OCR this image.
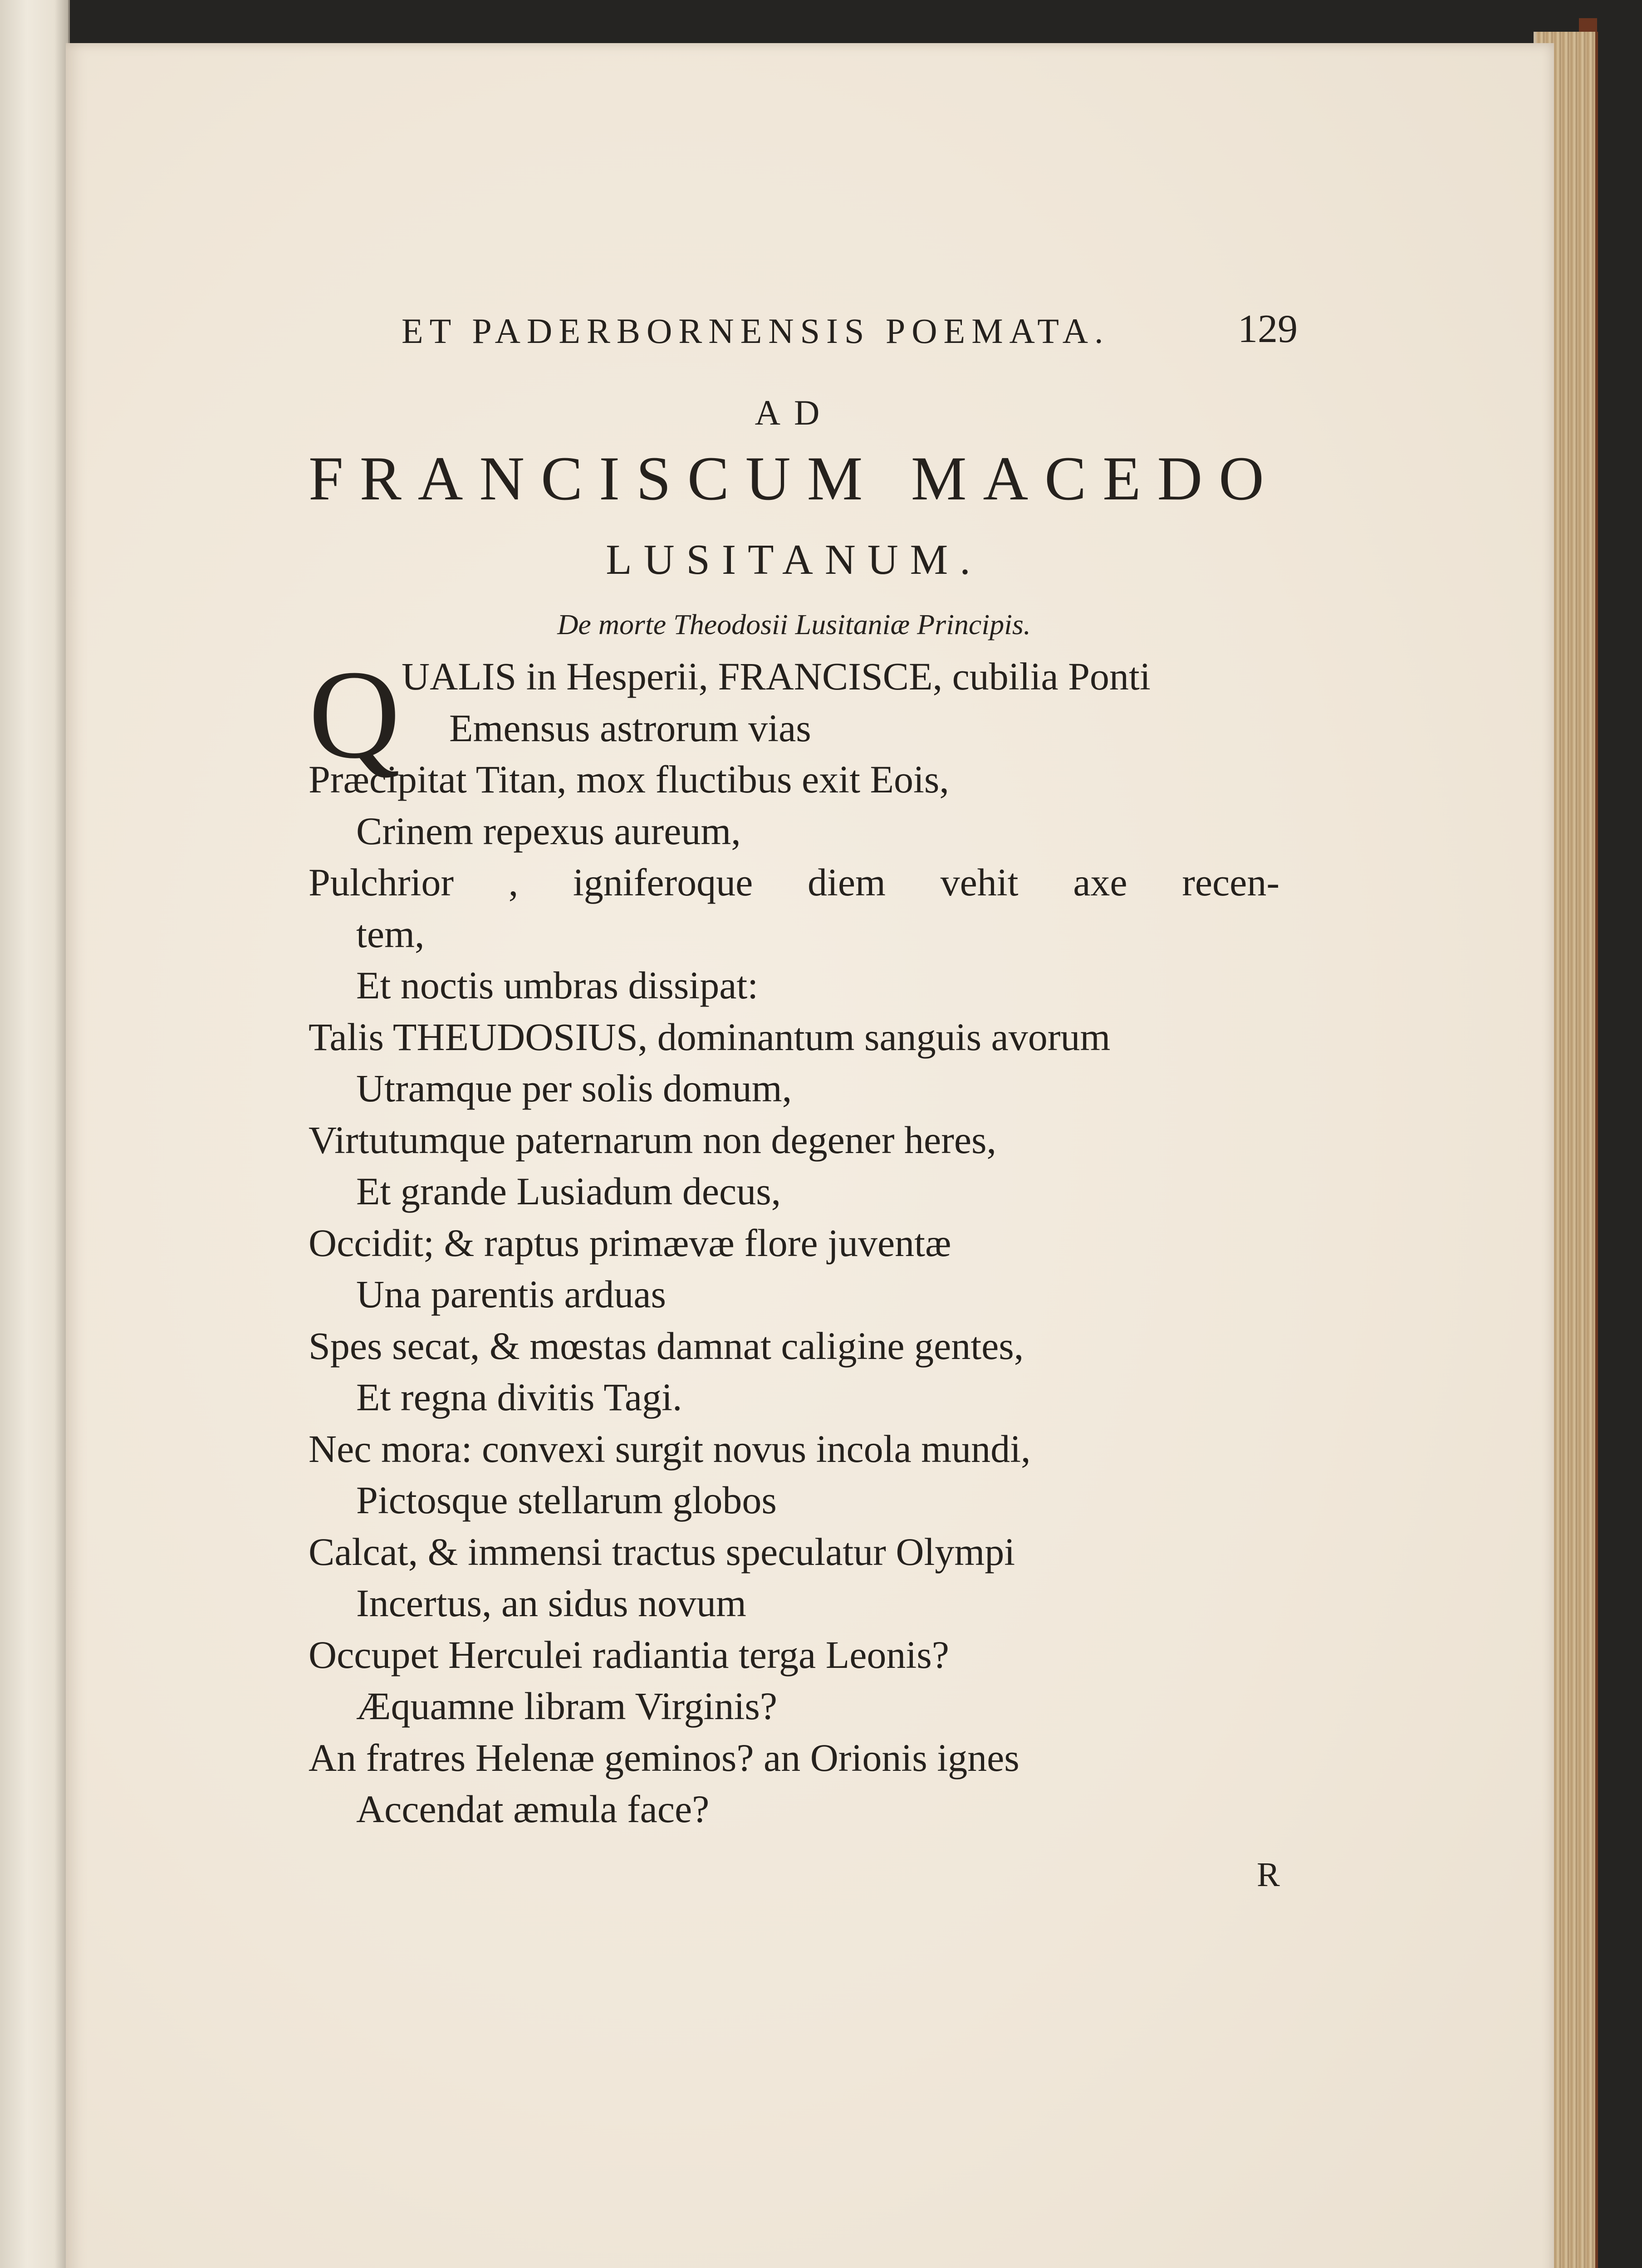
ET PADERBORNENSIS POEMATA.	129
AD
FRANCISCUM MACEDO
LUSITANUM.
De morte Theodosii Lusitaniæ Principis.
Q UALIS in Hesperii, FRANCISCE, cubilia Ponti
Emensus astrorum vias
Præcipitat Titan, mox fluctibus exit Eois,
Crinem repexus aureum,
Pulchrior , igniferoque diem vehit axe recen-
tem,
Et noctis umbras dissipat:
Talis THEUDOSIUS, dominantum sanguis avorum
Utramque per solis domum,
Virtutumque paternarum non degener heres,
Et grande Lusiadum decus,
Occidit; & raptus primævæ flore juventæ
Una parentis arduas
Spes secat, & mœstas damnat caligine gentes,
Et regna divitis Tagi.
Nec mora: convexi surgit novus incola mundi,
Pictosque stellarum globos
Calcat, & immensi tractus speculatur Olympi
Incertus, an sidus novum
Occupet Herculei radiantia terga Leonis?
Æquamne libram Virginis?
An fratres Helenæ geminos? an Orionis ignes
Accendat æmula face?
R
